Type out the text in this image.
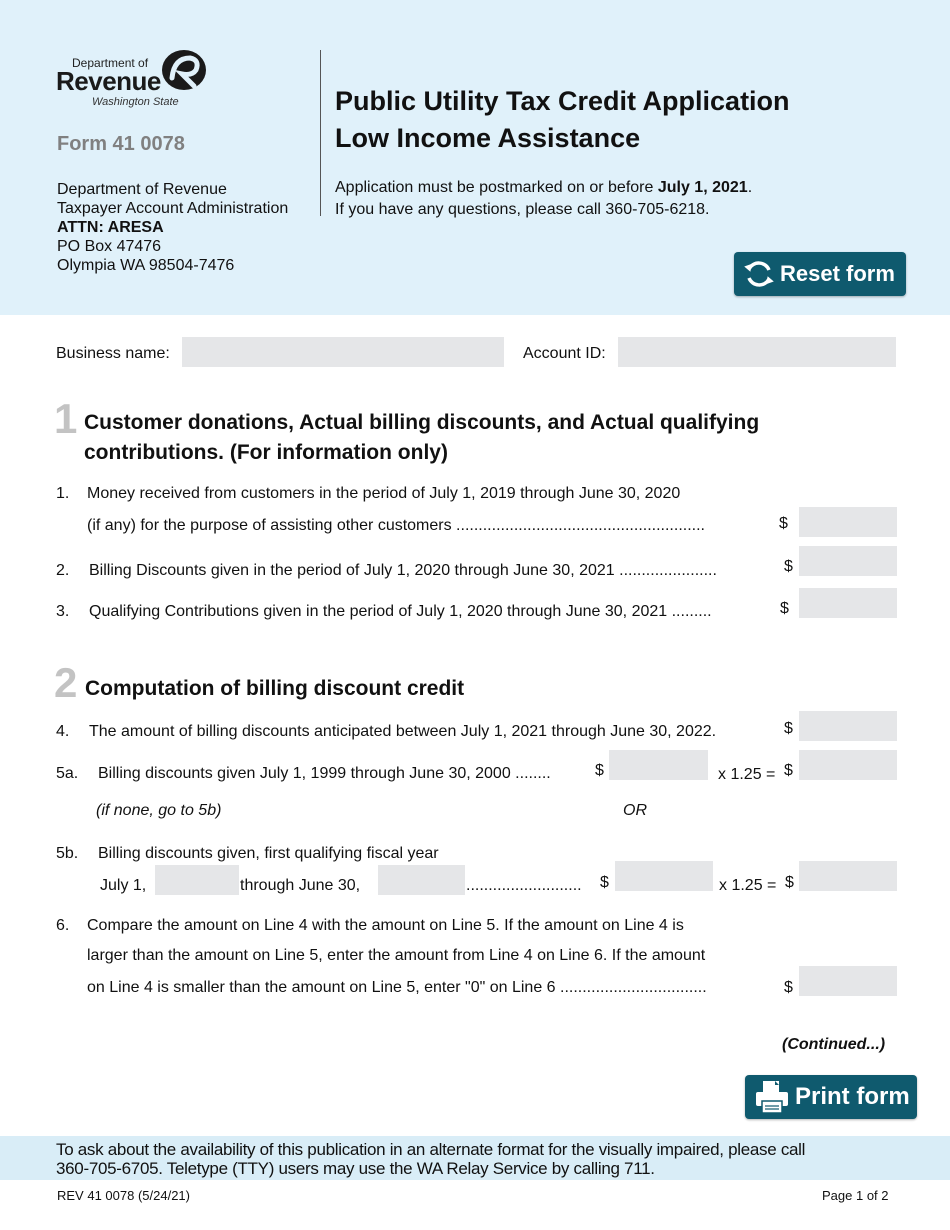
Department of
Revenue
Washington State
Form 41 0078
Department of Revenue
Taxpayer Account Administration
ATTN: ARESA
PO Box 47476
Olympia WA 98504-7476
Public Utility Tax Credit Application
Low Income Assistance
Application must be postmarked on or before July 1, 2021.
If you have any questions, please call 360-705-6218.
Reset form
Business name:	Account ID:
1 Customer donations, Actual billing discounts, and Actual qualifying
contributions. (For information only)
1. Money received from customers in the period of July 1, 2019 through June 30, 2020
(if any) for the purpose of assisting other customers ........................................................	$
2. Billing Discounts given in the period of July 1, 2020 through June 30, 2021 ......................	$
3. Qualifying Contributions given in the period of July 1, 2020 through June 30, 2021 .........	$
2 Computation of billing discount credit
4. The amount of billing discounts anticipated between July 1, 2021 through June 30, 2022.	$
5a. Billing discounts given July 1, 1999 through June 30, 2000 ........	$	x 1.25 = $
(if none, go to 5b)	OR
5b. Billing discounts given, first qualifying fiscal year
July 1,	through June 30,	.......................... $	x 1.25 = $
6. Compare the amount on Line 4 with the amount on Line 5. If the amount on Line 4 is
larger than the amount on Line 5, enter the amount from Line 4 on Line 6. If the amount
on Line 4 is smaller than the amount on Line 5, enter "0" on Line 6 .................................	$
(Continued...)
Print form
To ask about the availability of this publication in an alternate format for the visually impaired, please call
360-705-6705. Teletype (TTY) users may use the WA Relay Service by calling 711.
REV 41 0078 (5/24/21)	Page 1 of 2
